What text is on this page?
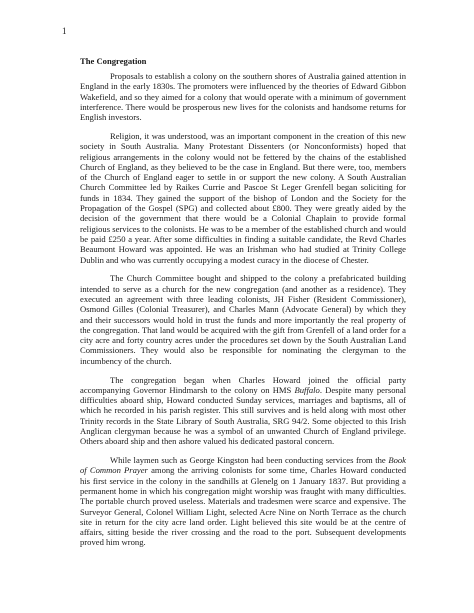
1
The Congregation

Proposals to establish a colony on the southern shores of Australia gained attention in England in the early 1830s. The promoters were influenced by the theories of Edward Gibbon Wakefield, and so they aimed for a colony that would operate with a minimum of government interference. There would be prosperous new lives for the colonists and handsome returns for English investors.

Religion, it was understood, was an important component in the creation of this new society in South Australia. Many Protestant Dissenters (or Nonconformists) hoped that religious arrangements in the colony would not be fettered by the chains of the established Church of England, as they believed to be the case in England. But there were, too, members of the Church of England eager to settle in or support the new colony. A South Australian Church Committee led by Raikes Currie and Pascoe St Leger Grenfell began soliciting for funds in 1834. They gained the support of the bishop of London and the Society for the Propagation of the Gospel (SPG) and collected about £800. They were greatly aided by the decision of the government that there would be a Colonial Chaplain to provide formal religious services to the colonists. He was to be a member of the established church and would be paid £250 a year. After some difficulties in finding a suitable candidate, the Revd Charles Beaumont Howard was appointed. He was an Irishman who had studied at Trinity College Dublin and who was currently occupying a modest curacy in the diocese of Chester.

The Church Committee bought and shipped to the colony a prefabricated building intended to serve as a church for the new congregation (and another as a residence). They executed an agreement with three leading colonists, JH Fisher (Resident Commissioner), Osmond Gilles (Colonial Treasurer), and Charles Mann (Advocate General) by which they and their successors would hold in trust the funds and more importantly the real property of the congregation. That land would be acquired with the gift from Grenfell of a land order for a city acre and forty country acres under the procedures set down by the South Australian Land Commissioners. They would also be responsible for nominating the clergyman to the incumbency of the church.

The congregation began when Charles Howard joined the official party accompanying Governor Hindmarsh to the colony on HMS Buffalo. Despite many personal difficulties aboard ship, Howard conducted Sunday services, marriages and baptisms, all of which he recorded in his parish register. This still survives and is held along with most other Trinity records in the State Library of South Australia, SRG 94/2. Some objected to this Irish Anglican clergyman because he was a symbol of an unwanted Church of England privilege. Others aboard ship and then ashore valued his dedicated pastoral concern.

While laymen such as George Kingston had been conducting services from the Book of Common Prayer among the arriving colonists for some time, Charles Howard conducted his first service in the colony in the sandhills at Glenelg on 1 January 1837. But providing a permanent home in which his congregation might worship was fraught with many difficulties. The portable church proved useless. Materials and tradesmen were scarce and expensive. The Surveyor General, Colonel William Light, selected Acre Nine on North Terrace as the church site in return for the city acre land order. Light believed this site would be at the centre of affairs, sitting beside the river crossing and the road to the port. Subsequent developments proved him wrong.
